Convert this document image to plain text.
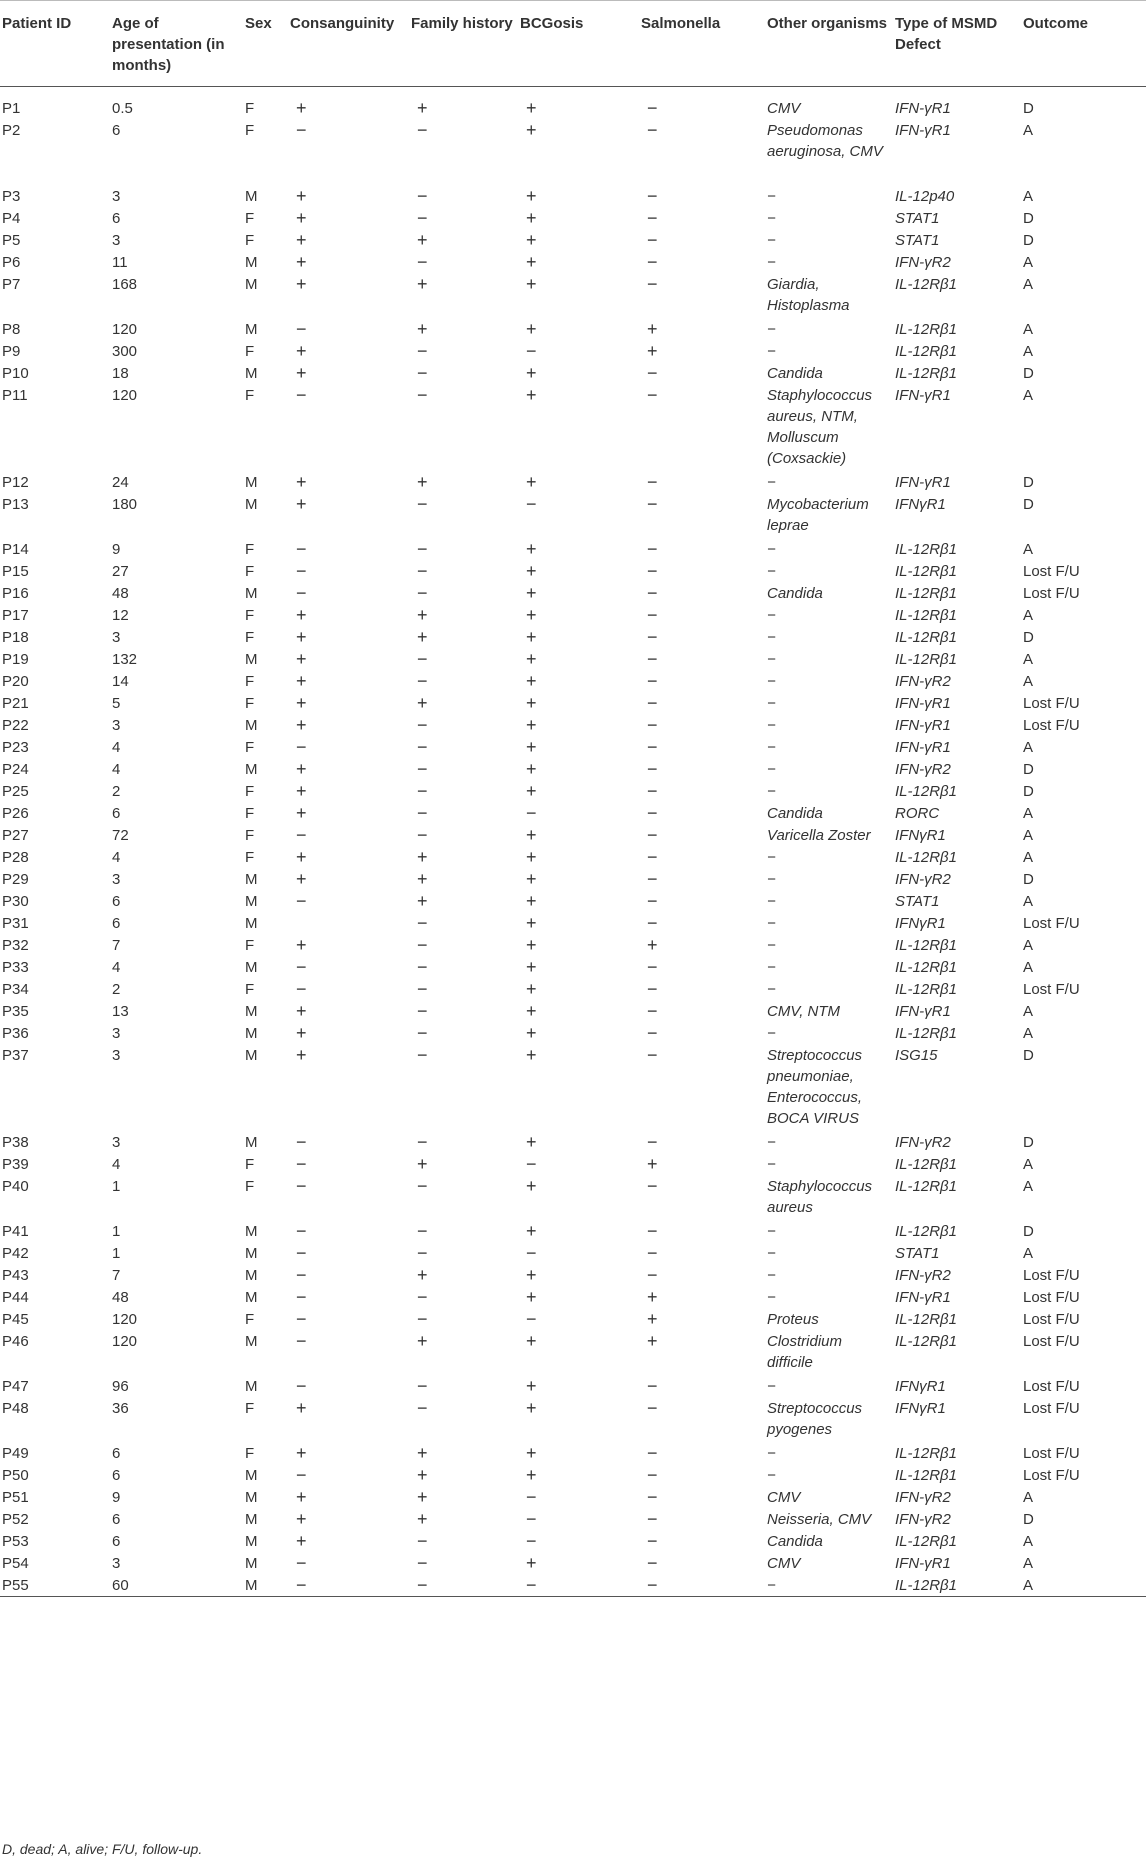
Patient ID	Age of presentation (in months)	Sex	Consanguinity	Family history	BCGosis	Salmonella	Other organisms	Type of MSMD Defect	Outcome
P1	0.5	F	+	+	+	−	CMV	IFN-γR1	D
P2	6	F	−	−	+	−	Pseudomonas aeruginosa, CMV	IFN-γR1	A
P3	3	M	+	−	+	−	−	IL-12p40	A
P4	6	F	+	−	+	−	−	STAT1	D
P5	3	F	+	+	+	−	−	STAT1	D
P6	11	M	+	−	+	−	−	IFN-γR2	A
P7	168	M	+	+	+	−	Giardia, Histoplasma	IL-12Rβ1	A
P8	120	M	−	+	+	+	−	IL-12Rβ1	A
P9	300	F	+	−	−	+	−	IL-12Rβ1	A
P10	18	M	+	−	+	−	Candida	IL-12Rβ1	D
P11	120	F	−	−	+	−	Staphylococcus aureus, NTM, Molluscum (Coxsackie)	IFN-γR1	A
P12	24	M	+	+	+	−	−	IFN-γR1	D
P13	180	M	+	−	−	−	Mycobacterium leprae	IFNγR1	D
P14	9	F	−	−	+	−	−	IL-12Rβ1	A
P15	27	F	−	−	+	−	−	IL-12Rβ1	Lost F/U
P16	48	M	−	−	+	−	Candida	IL-12Rβ1	Lost F/U
P17	12	F	+	+	+	−	−	IL-12Rβ1	A
P18	3	F	+	+	+	−	−	IL-12Rβ1	D
P19	132	M	+	−	+	−	−	IL-12Rβ1	A
P20	14	F	+	−	+	−	−	IFN-γR2	A
P21	5	F	+	+	+	−	−	IFN-γR1	Lost F/U
P22	3	M	+	−	+	−	−	IFN-γR1	Lost F/U
P23	4	F	−	−	+	−	−	IFN-γR1	A
P24	4	M	+	−	+	−	−	IFN-γR2	D
P25	2	F	+	−	+	−	−	IL-12Rβ1	D
P26	6	F	+	−	−	−	Candida	RORC	A
P27	72	F	−	−	+	−	Varicella Zoster	IFNγR1	A
P28	4	F	+	+	+	−	−	IL-12Rβ1	A
P29	3	M	+	+	+	−	−	IFN-γR2	D
P30	6	M	−	+	+	−	−	STAT1	A
P31	6	M		−	+	−	−	IFNγR1	Lost F/U
P32	7	F	+	−	+	+	−	IL-12Rβ1	A
P33	4	M	−	−	+	−	−	IL-12Rβ1	A
P34	2	F	−	−	+	−	−	IL-12Rβ1	Lost F/U
P35	13	M	+	−	+	−	CMV, NTM	IFN-γR1	A
P36	3	M	+	−	+	−	−	IL-12Rβ1	A
P37	3	M	+	−	+	−	Streptococcus pneumoniae, Enterococcus, BOCA VIRUS	ISG15	D
P38	3	M	−	−	+	−	−	IFN-γR2	D
P39	4	F	−	+	−	+	−	IL-12Rβ1	A
P40	1	F	−	−	+	−	Staphylococcus aureus	IL-12Rβ1	A
P41	1	M	−	−	+	−	−	IL-12Rβ1	D
P42	1	M	−	−	−	−	−	STAT1	A
P43	7	M	−	+	+	−	−	IFN-γR2	Lost F/U
P44	48	M	−	−	+	+	−	IFN-γR1	Lost F/U
P45	120	F	−	−	−	+	Proteus	IL-12Rβ1	Lost F/U
P46	120	M	−	+	+	+	Clostridium difficile	IL-12Rβ1	Lost F/U
P47	96	M	−	−	+	−	−	IFNγR1	Lost F/U
P48	36	F	+	−	+	−	Streptococcus pyogenes	IFNγR1	Lost F/U
P49	6	F	+	+	+	−	−	IL-12Rβ1	Lost F/U
P50	6	M	−	+	+	−	−	IL-12Rβ1	Lost F/U
P51	9	M	+	+	−	−	CMV	IFN-γR2	A
P52	6	M	+	+	−	−	Neisseria, CMV	IFN-γR2	D
P53	6	M	+	−	−	−	Candida	IL-12Rβ1	A
P54	3	M	−	−	+	−	CMV	IFN-γR1	A
P55	60	M	−	−	−	−	−	IL-12Rβ1	A
D, dead; A, alive; F/U, follow-up.
